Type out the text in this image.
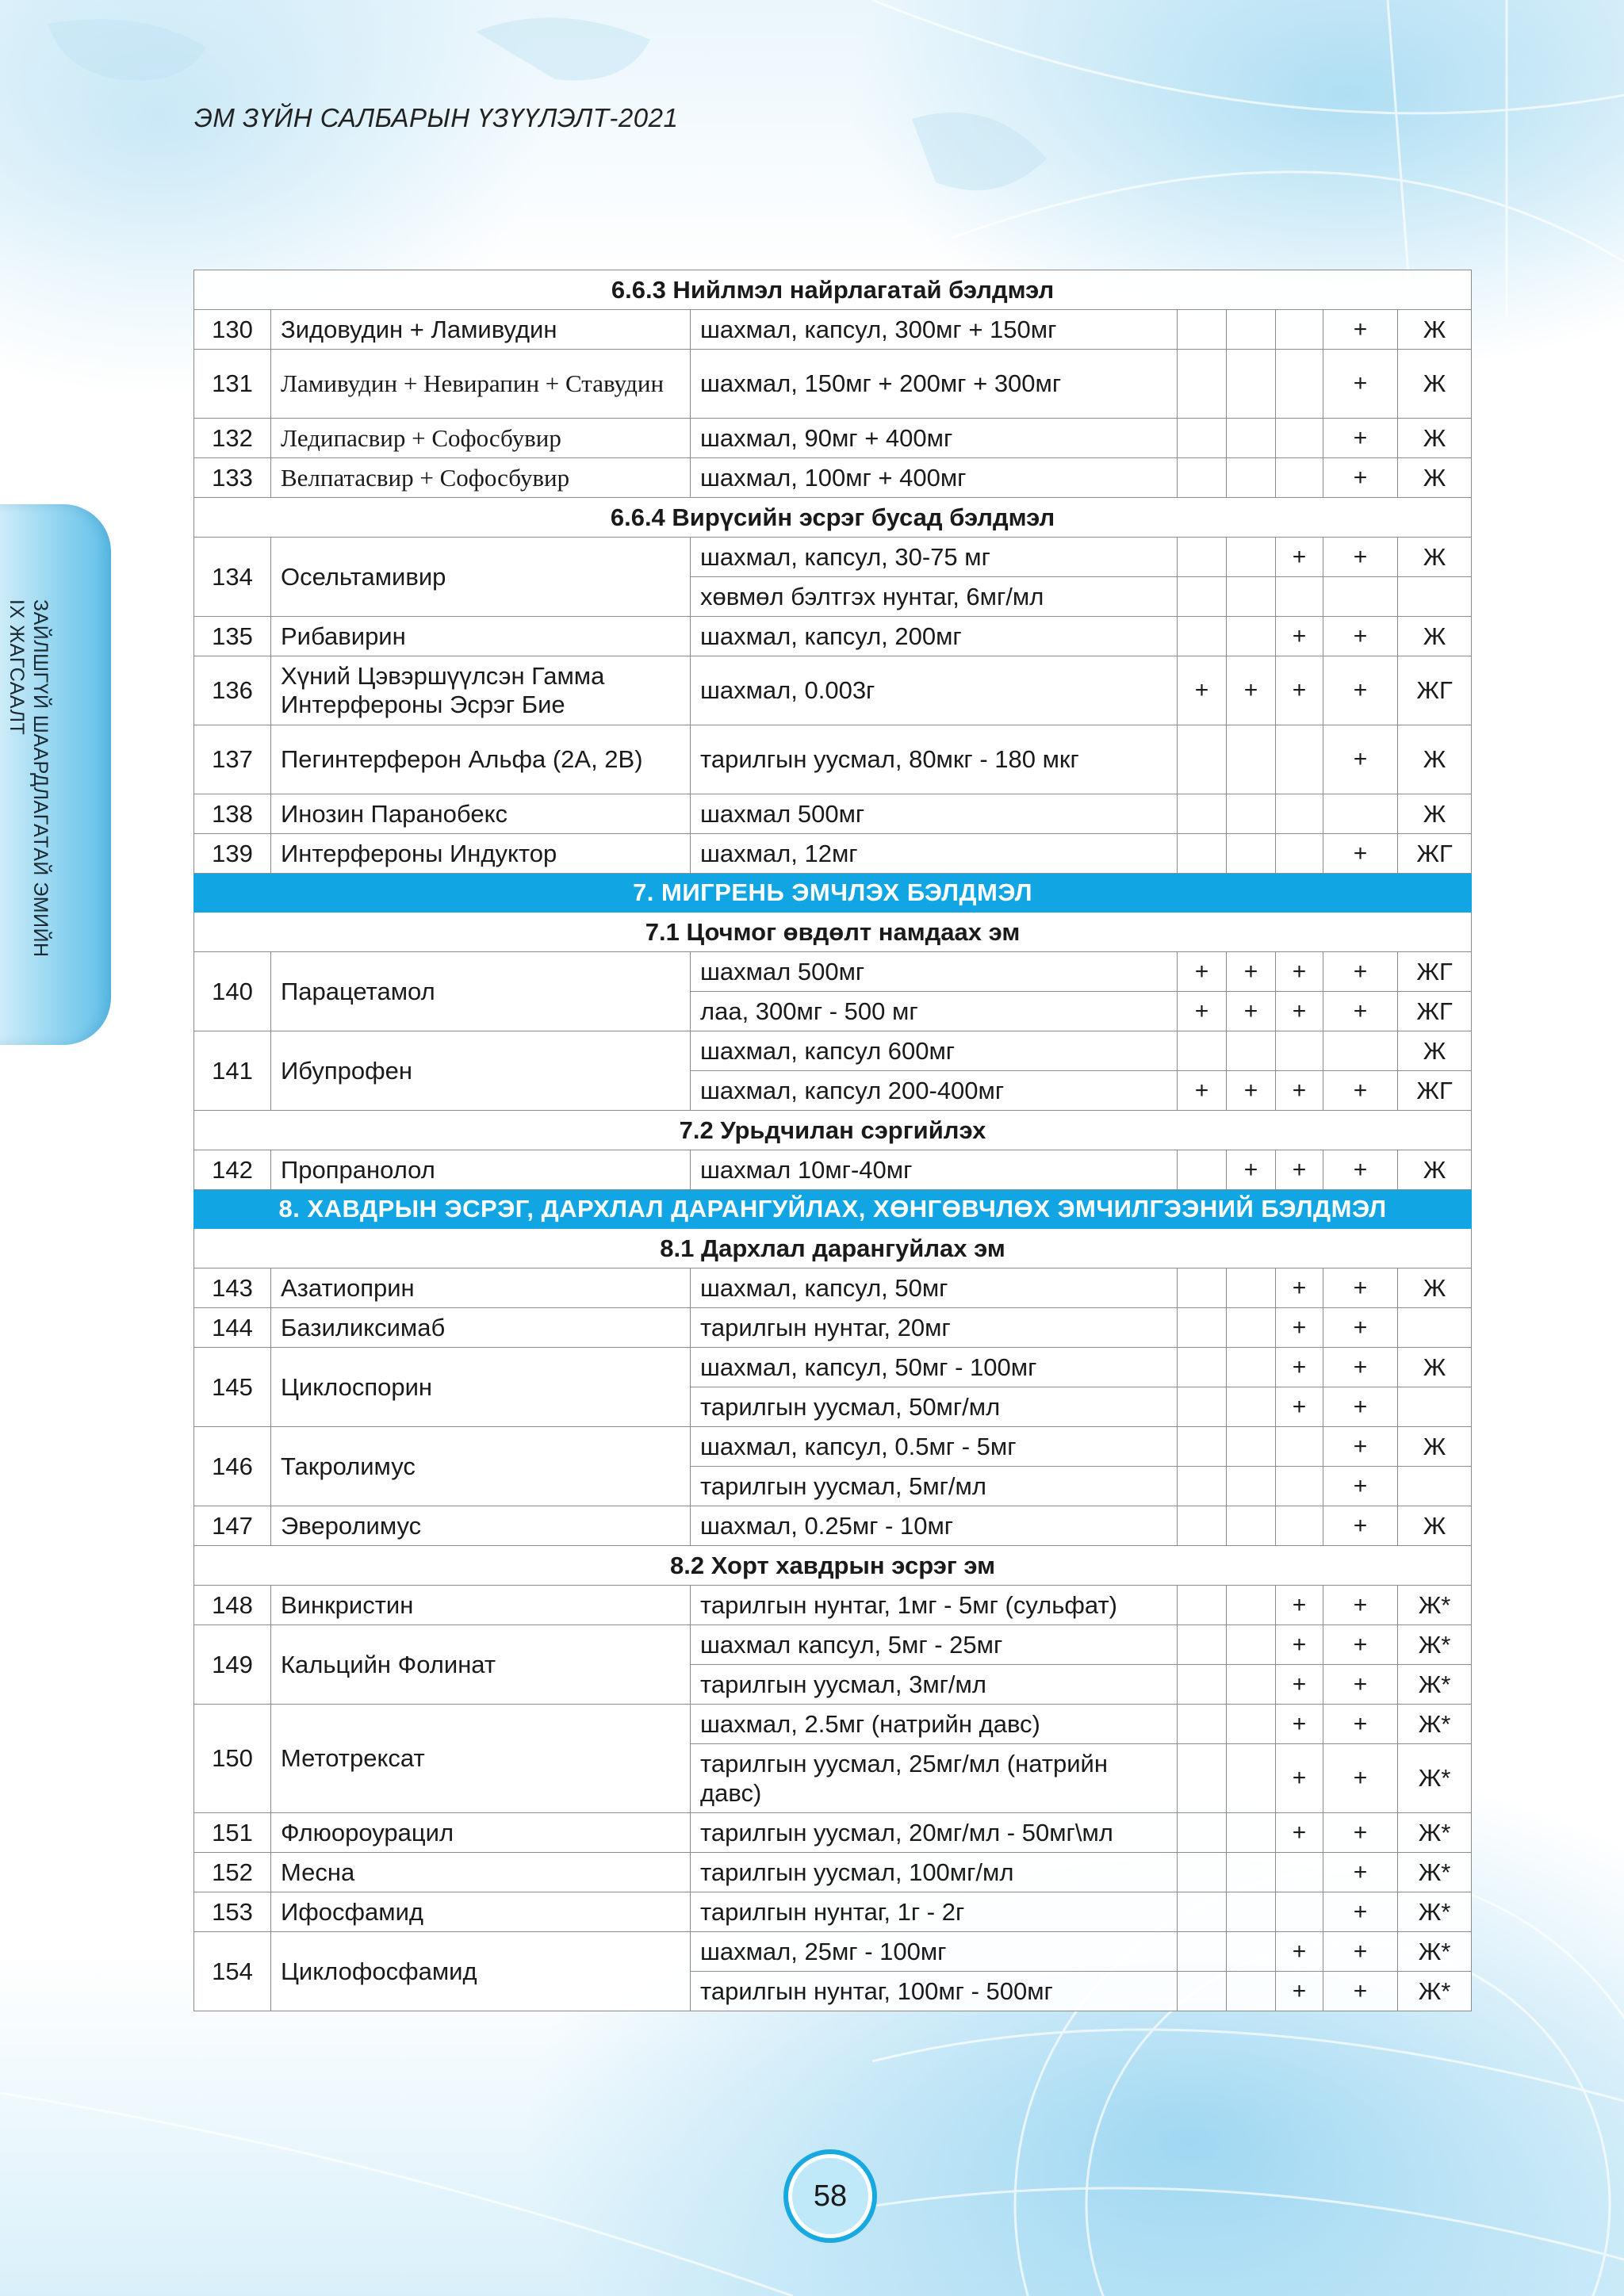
ЭМ ЗҮЙН САЛБАРЫН ҮЗҮҮЛЭЛТ-2021
ЗАЙЛШГҮЙ ШААРДЛАГАТАЙ ЭМИЙН
IX ЖАГСААЛТ
6.6.3 Нийлмэл найрлагатай бэлдмэл							
130	Зидовудин + Ламивудин	шахмал, капсул, 300мг + 150мг				+	Ж
131	Ламивудин + Невирапин + Ставудин	шахмал, 150мг + 200мг + 300мг				+	Ж
132	Ледипасвир + Софосбувир	шахмал, 90мг + 400мг				+	Ж
133	Велпатасвир + Софосбувир	шахмал, 100мг + 400мг				+	Ж
6.6.4 Вирүсийн эсрэг бусад бэлдмэл							
134	Осельтамивир	шахмал, капсул, 30-75 мг			+	+	Ж
		хөвмөл бэлтгэх нунтаг, 6мг/мл					
135	Рибавирин	шахмал, капсул, 200мг			+	+	Ж
136	Хүний Цэвэршүүлсэн Гамма Интерфероны Эсрэг Бие	шахмал, 0.003г	+	+	+	+	ЖГ
137	Пегинтерферон Альфа (2А, 2В)	тарилгын уусмал, 80мкг - 180 мкг				+	Ж
138	Инозин Паранобекс	шахмал 500мг					Ж
139	Интерфероны Индуктор	шахмал, 12мг				+	ЖГ
7. МИГРЕНЬ ЭМЧЛЭХ БЭЛДМЭЛ							
7.1 Цочмог өвдөлт намдаах эм							
140	Парацетамол	шахмал 500мг	+	+	+	+	ЖГ
		лаа, 300мг - 500 мг	+	+	+	+	ЖГ
141	Ибупрофен	шахмал, капсул 600мг					Ж
		шахмал, капсул 200-400мг	+	+	+	+	ЖГ
7.2 Урьдчилан сэргийлэх							
142	Пропранолол	шахмал 10мг-40мг		+	+	+	Ж
8. ХАВДРЫН ЭСРЭГ, ДАРХЛАЛ ДАРАНГУЙЛАХ, ХӨНГӨВЧЛӨХ ЭМЧИЛГЭЭНИЙ БЭЛДМЭЛ							
8.1 Дархлал дарангуйлах эм							
143	Азатиоприн	шахмал, капсул, 50мг			+	+	Ж
144	Базиликсимаб	тарилгын нунтаг, 20мг			+	+	
145	Циклоспорин	шахмал, капсул, 50мг - 100мг			+	+	Ж
		тарилгын уусмал, 50мг/мл			+	+	
146	Такролимус	шахмал, капсул, 0.5мг - 5мг				+	Ж
		тарилгын уусмал, 5мг/мл				+	
147	Эверолимус	шахмал, 0.25мг - 10мг				+	Ж
8.2 Хорт хавдрын эсрэг эм							
148	Винкристин	тарилгын нунтаг, 1мг - 5мг (сульфат)			+	+	Ж*
149	Кальцийн Фолинат	шахмал капсул, 5мг - 25мг			+	+	Ж*
		тарилгын уусмал, 3мг/мл			+	+	Ж*
150	Метотрексат	шахмал, 2.5мг (натрийн давс)			+	+	Ж*
		тарилгын уусмал, 25мг/мл (натрийн давс)			+	+	Ж*
151	Флюороурацил	тарилгын уусмал, 20мг/мл - 50мг\мл			+	+	Ж*
152	Месна	тарилгын уусмал, 100мг/мл				+	Ж*
153	Ифосфамид	тарилгын нунтаг, 1г - 2г				+	Ж*
154	Циклофосфамид	шахмал, 25мг - 100мг			+	+	Ж*
		тарилгын нунтаг, 100мг - 500мг			+	+	Ж*
58
